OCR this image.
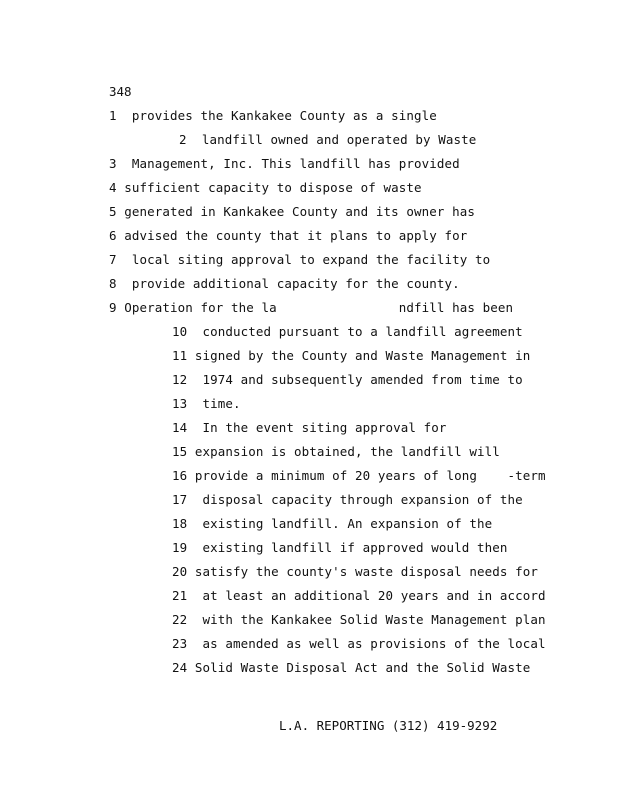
348
1  provides the Kankakee County as a single
2  landfill owned and operated by Waste
3  Management, Inc. This landfill has provided
4 sufficient capacity to dispose of waste
5 generated in Kankakee County and its owner has
6 advised the county that it plans to apply for
7  local siting approval to expand the facility to
8  provide additional capacity for the county.
9 Operation for the la                ndfill has been
10  conducted pursuant to a landfill agreement
11 signed by the County and Waste Management in
12  1974 and subsequently amended from time to
13  time.
14  In the event siting approval for
15 expansion is obtained, the landfill will
16 provide a minimum of 20 years of long    -term
17  disposal capacity through expansion of the
18  existing landfill. An expansion of the
19  existing landfill if approved would then
20 satisfy the county's waste disposal needs for
21  at least an additional 20 years and in accord
22  with the Kankakee Solid Waste Management plan
23  as amended as well as provisions of the local
24 Solid Waste Disposal Act and the Solid Waste
L.A. REPORTING (312) 419-9292
